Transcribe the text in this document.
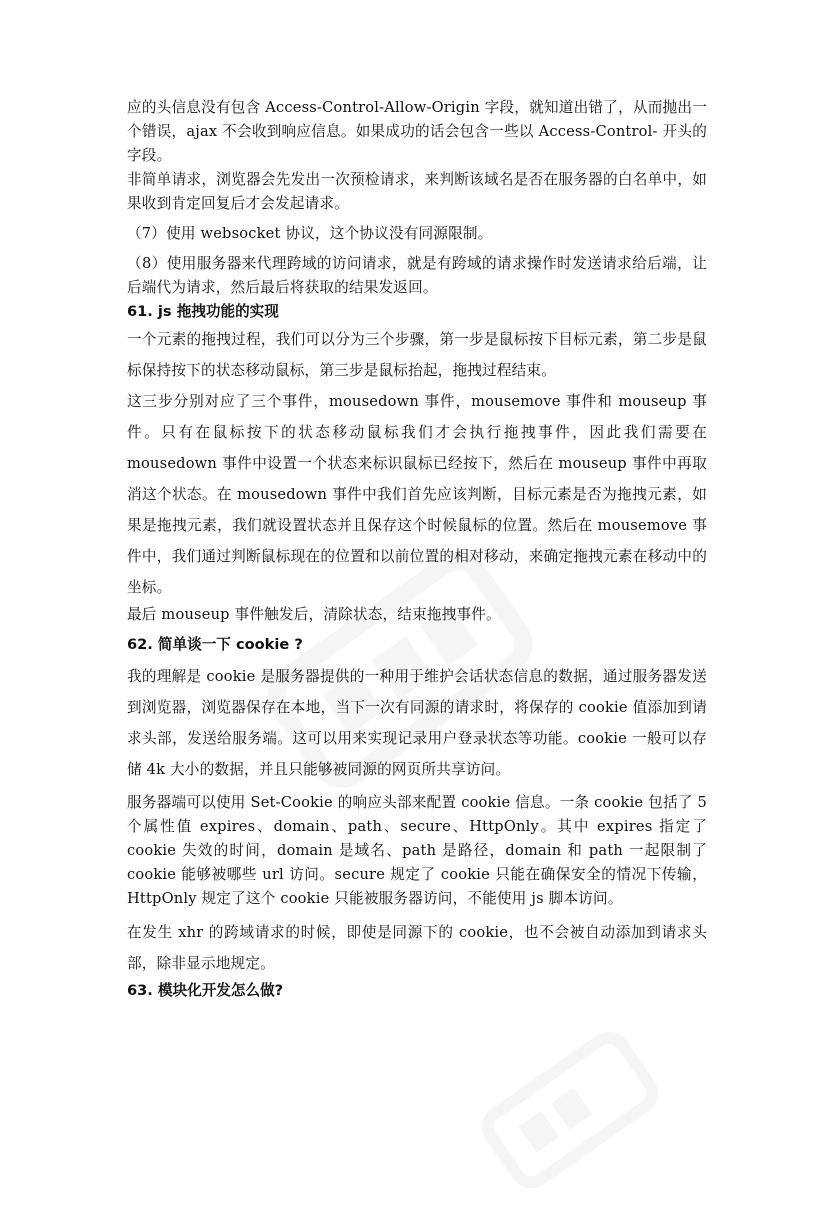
应的头信息没有包含 Access-Control-Allow-Origin 字段，就知道出错了，从而抛出一个错误，ajax 不会收到响应信息。如果成功的话会包含一些以 Access-Control- 开头的字段。

非简单请求，浏览器会先发出一次预检请求，来判断该域名是否在服务器的白名单中，如果收到肯定回复后才会发起请求。

（7）使用 websocket 协议，这个协议没有同源限制。

（8）使用服务器来代理跨域的访问请求，就是有跨域的请求操作时发送请求给后端，让后端代为请求，然后最后将获取的结果发返回。

61. js 拖拽功能的实现

一个元素的拖拽过程，我们可以分为三个步骤，第一步是鼠标按下目标元素，第二步是鼠标保持按下的状态移动鼠标，第三步是鼠标抬起，拖拽过程结束。

这三步分别对应了三个事件，mousedown 事件，mousemove 事件和 mouseup 事件。只有在鼠标按下的状态移动鼠标我们才会执行拖拽事件，因此我们需要在 mousedown 事件中设置一个状态来标识鼠标已经按下，然后在 mouseup 事件中再取消这个状态。在 mousedown 事件中我们首先应该判断，目标元素是否为拖拽元素，如果是拖拽元素，我们就设置状态并且保存这个时候鼠标的位置。然后在 mousemove 事件中，我们通过判断鼠标现在的位置和以前位置的相对移动，来确定拖拽元素在移动中的坐标。

最后 mouseup 事件触发后，清除状态，结束拖拽事件。

62. 简单谈一下 cookie ?

我的理解是 cookie 是服务器提供的一种用于维护会话状态信息的数据，通过服务器发送到浏览器，浏览器保存在本地，当下一次有同源的请求时，将保存的 cookie 值添加到请求头部，发送给服务端。这可以用来实现记录用户登录状态等功能。cookie 一般可以存储 4k 大小的数据，并且只能够被同源的网页所共享访问。

服务器端可以使用 Set-Cookie 的响应头部来配置 cookie 信息。一条 cookie 包括了 5 个属性值 expires、domain、path、secure、HttpOnly。其中 expires 指定了 cookie 失效的时间，domain 是域名、path 是路径，domain 和 path 一起限制了 cookie 能够被哪些 url 访问。secure 规定了 cookie 只能在确保安全的情况下传输，HttpOnly 规定了这个 cookie 只能被服务器访问，不能使用 js 脚本访问。

在发生 xhr 的跨域请求的时候，即使是同源下的 cookie，也不会被自动添加到请求头部，除非显示地规定。

63. 模块化开发怎么做?
